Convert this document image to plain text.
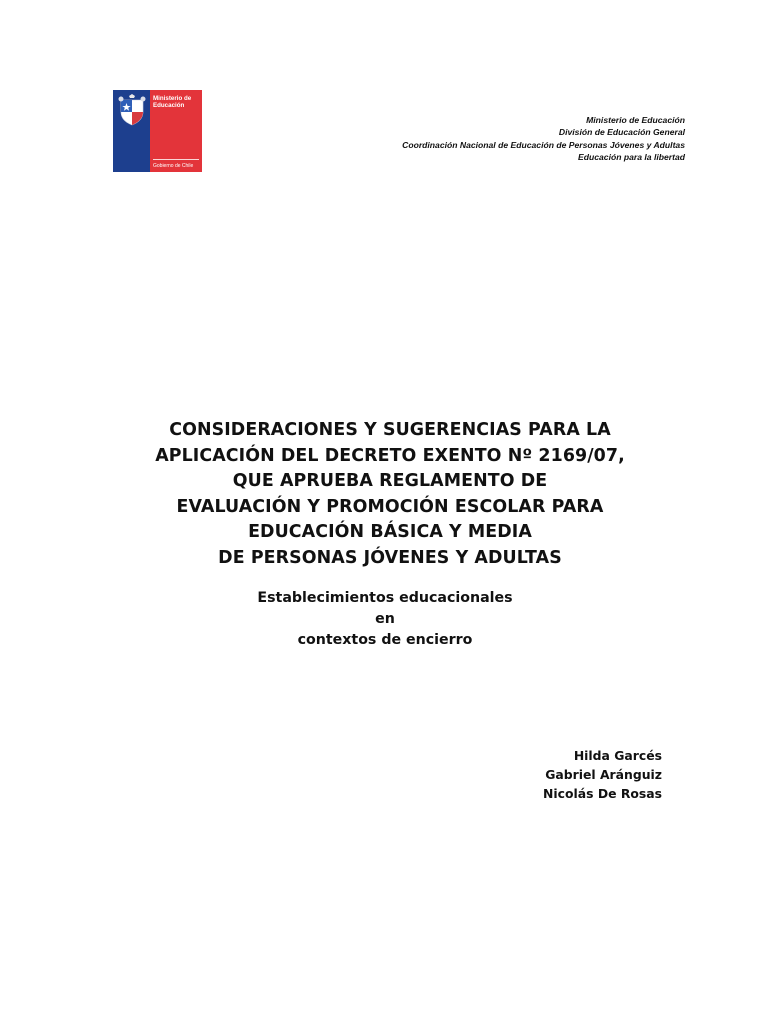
Ministerio de
Educación
Gobierno de Chile
Ministerio de Educación
División de Educación General
Coordinación Nacional de Educación de Personas Jóvenes y Adultas
Educación para la libertad
CONSIDERACIONES Y SUGERENCIAS PARA LA
APLICACIÓN DEL DECRETO EXENTO Nº 2169/07,
QUE APRUEBA REGLAMENTO DE
EVALUACIÓN Y PROMOCIÓN ESCOLAR PARA
EDUCACIÓN BÁSICA Y MEDIA
DE PERSONAS JÓVENES Y ADULTAS
Establecimientos educacionales
en
contextos de encierro
Hilda Garcés
Gabriel Aránguiz
Nicolás De Rosas
